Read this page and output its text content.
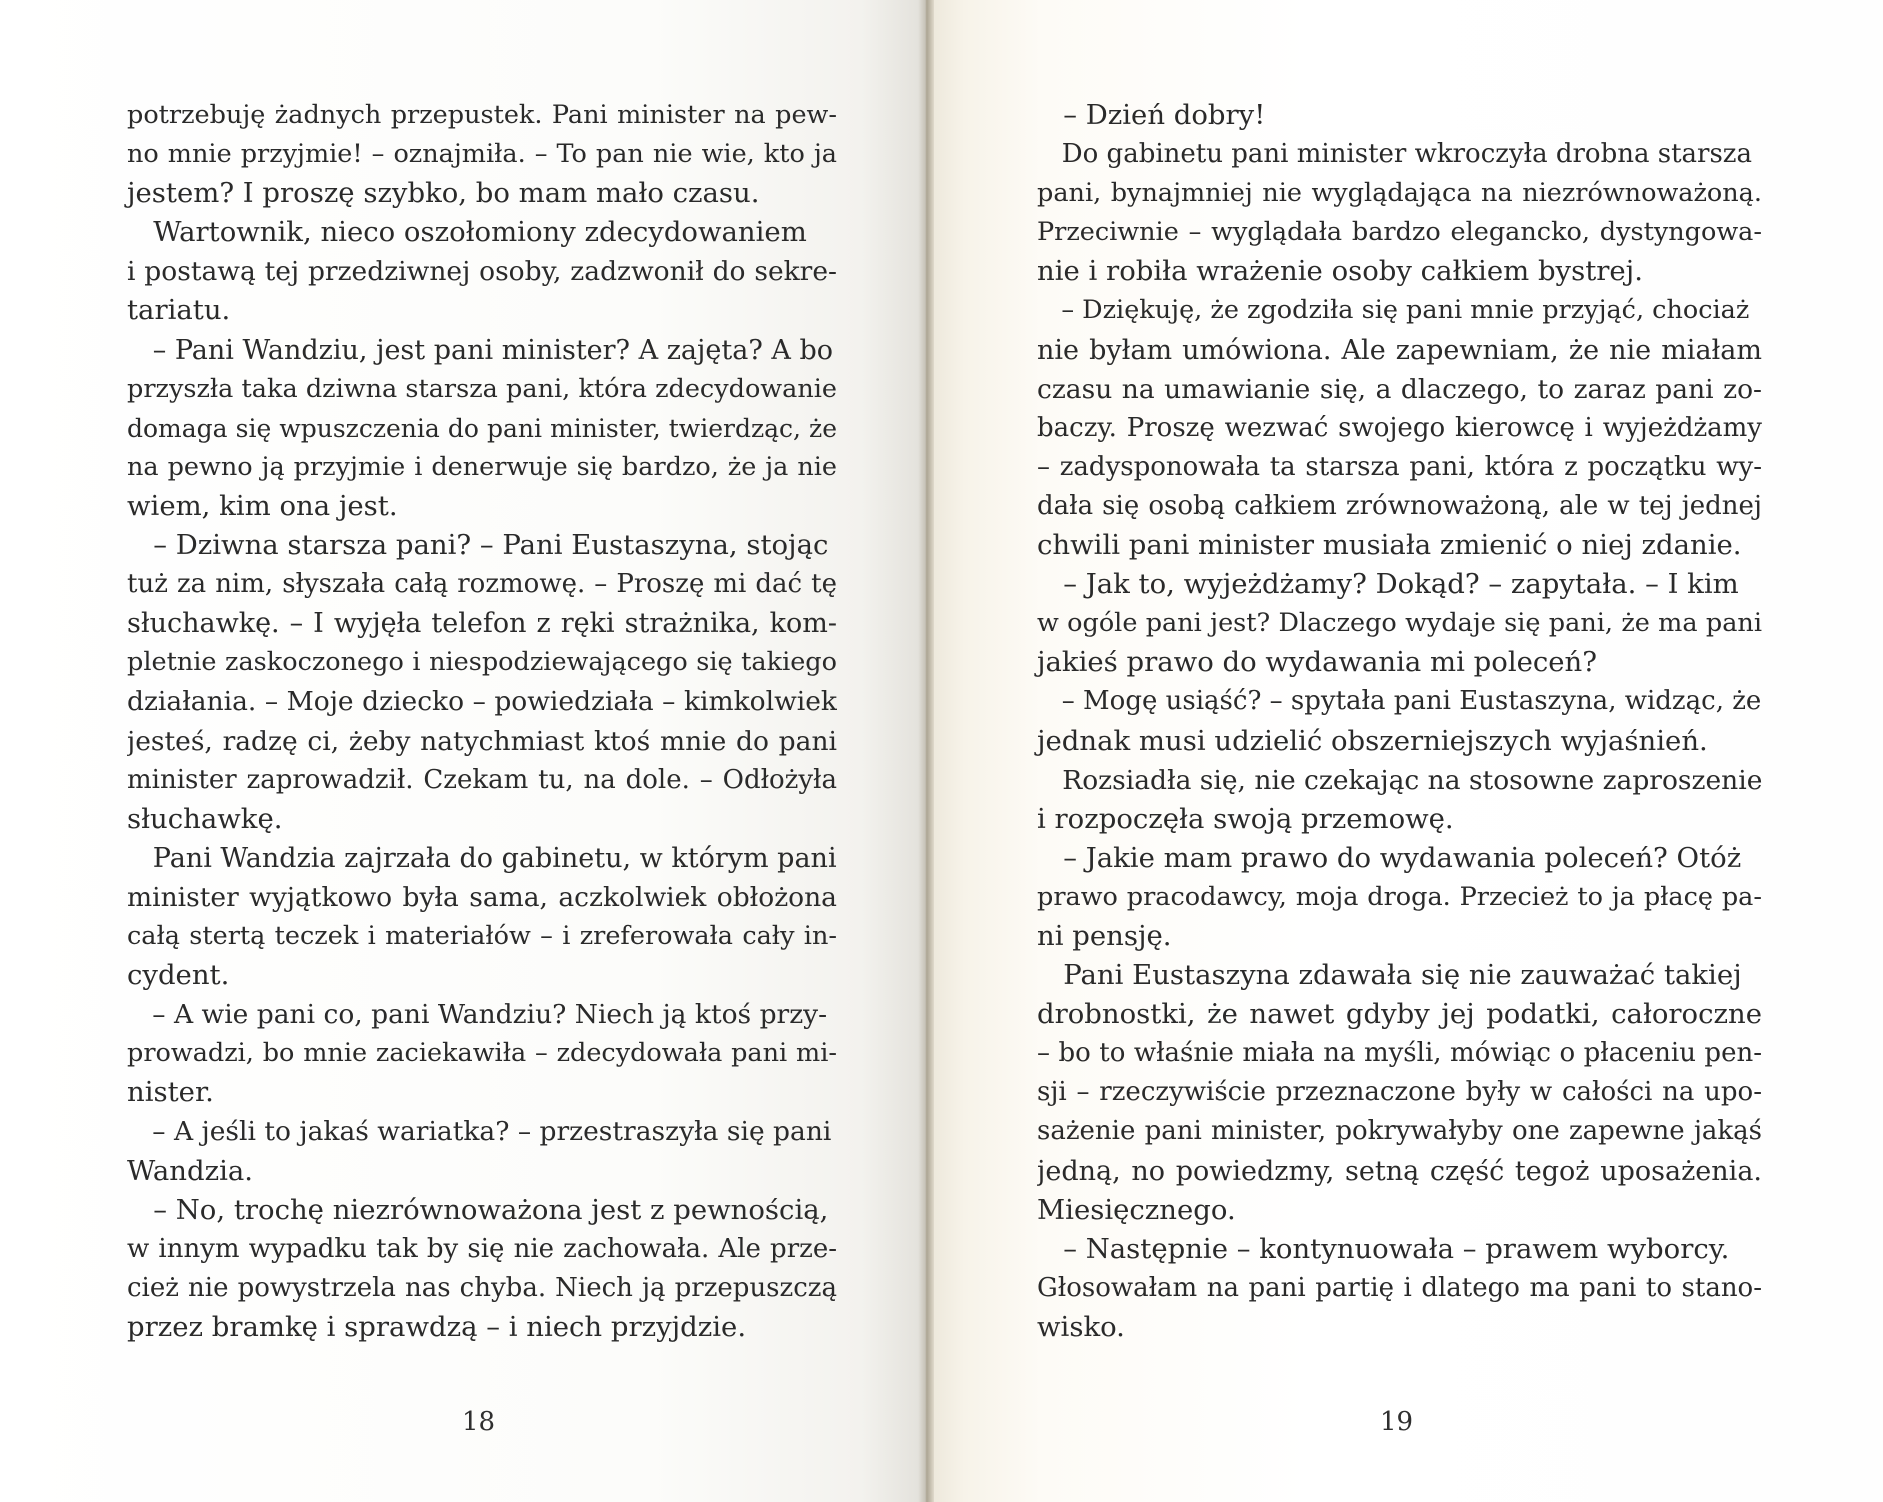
potrzebuję żadnych przepustek. Pani minister na pew-
no mnie przyjmie! – oznajmiła. – To pan nie wie, kto ja
jestem? I proszę szybko, bo mam mało czasu.
Wartownik, nieco oszołomiony zdecydowaniem
i postawą tej przedziwnej osoby, zadzwonił do sekre-
tariatu.
– Pani Wandziu, jest pani minister? A zajęta? A bo
przyszła taka dziwna starsza pani, która zdecydowanie
domaga się wpuszczenia do pani minister, twierdząc, że
na pewno ją przyjmie i denerwuje się bardzo, że ja nie
wiem, kim ona jest.
– Dziwna starsza pani? – Pani Eustaszyna, stojąc
tuż za nim, słyszała całą rozmowę. – Proszę mi dać tę
słuchawkę. – I wyjęła telefon z ręki strażnika, kom-
pletnie zaskoczonego i niespodziewającego się takiego
działania. – Moje dziecko – powiedziała – kimkolwiek
jesteś, radzę ci, żeby natychmiast ktoś mnie do pani
minister zaprowadził. Czekam tu, na dole. – Odłożyła
słuchawkę.
Pani Wandzia zajrzała do gabinetu, w którym pani
minister wyjątkowo była sama, aczkolwiek obłożona
całą stertą teczek i materiałów – i zreferowała cały in-
cydent.
– A wie pani co, pani Wandziu? Niech ją ktoś przy-
prowadzi, bo mnie zaciekawiła – zdecydowała pani mi-
nister.
– A jeśli to jakaś wariatka? – przestraszyła się pani
Wandzia.
– No, trochę niezrównoważona jest z pewnością,
w innym wypadku tak by się nie zachowała. Ale prze-
cież nie powystrzela nas chyba. Niech ją przepuszczą
przez bramkę i sprawdzą – i niech przyjdzie.
18
– Dzień dobry!
Do gabinetu pani minister wkroczyła drobna starsza
pani, bynajmniej nie wyglądająca na niezrównoważoną.
Przeciwnie – wyglądała bardzo elegancko, dystyngowa-
nie i robiła wrażenie osoby całkiem bystrej.
– Dziękuję, że zgodziła się pani mnie przyjąć, chociaż
nie byłam umówiona. Ale zapewniam, że nie miałam
czasu na umawianie się, a dlaczego, to zaraz pani zo-
baczy. Proszę wezwać swojego kierowcę i wyjeżdżamy
– zadysponowała ta starsza pani, która z początku wy-
dała się osobą całkiem zrównoważoną, ale w tej jednej
chwili pani minister musiała zmienić o niej zdanie.
– Jak to, wyjeżdżamy? Dokąd? – zapytała. – I kim
w ogóle pani jest? Dlaczego wydaje się pani, że ma pani
jakieś prawo do wydawania mi poleceń?
– Mogę usiąść? – spytała pani Eustaszyna, widząc, że
jednak musi udzielić obszerniejszych wyjaśnień.
Rozsiadła się, nie czekając na stosowne zaproszenie
i rozpoczęła swoją przemowę.
– Jakie mam prawo do wydawania poleceń? Otóż
prawo pracodawcy, moja droga. Przecież to ja płacę pa-
ni pensję.
Pani Eustaszyna zdawała się nie zauważać takiej
drobnostki, że nawet gdyby jej podatki, całoroczne
– bo to właśnie miała na myśli, mówiąc o płaceniu pen-
sji – rzeczywiście przeznaczone były w całości na upo-
sażenie pani minister, pokrywałyby one zapewne jakąś
jedną, no powiedzmy, setną część tegoż uposażenia.
Miesięcznego.
– Następnie – kontynuowała – prawem wyborcy.
Głosowałam na pani partię i dlatego ma pani to stano-
wisko.
19
